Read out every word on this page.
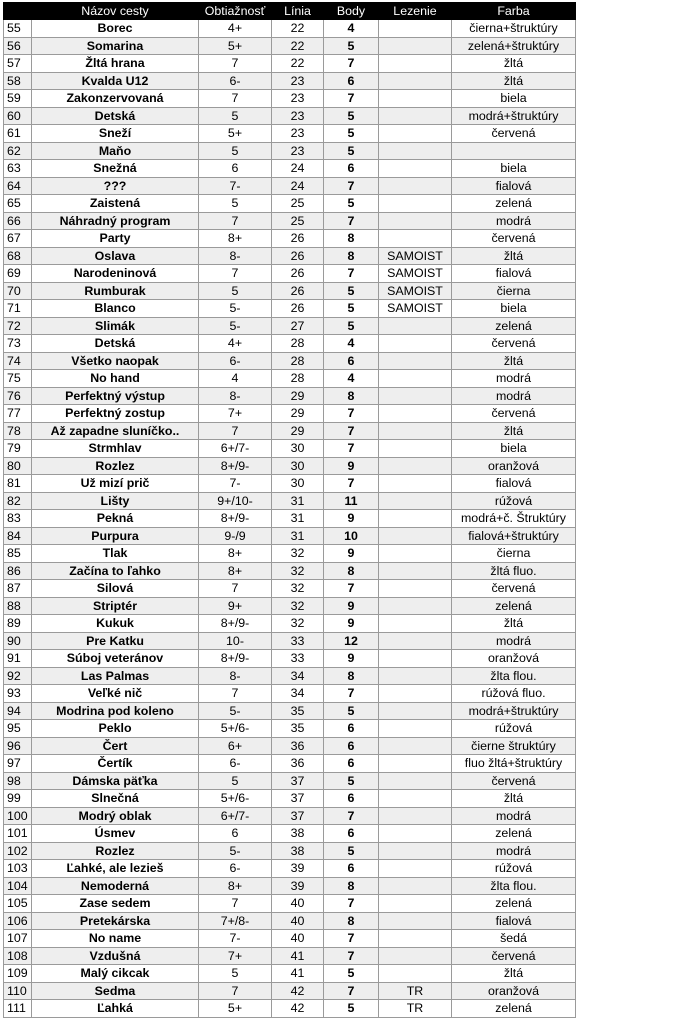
	Názov cesty	Obtiažnosť	Línia	Body	Lezenie	Farba	
55	Borec	4+	22	4		čierna+štruktúry	
56	Somarina	5+	22	5		zelená+štruktúry	
57	Žltá hrana	7	22	7		žltá	
58	Kvalda U12	6-	23	6		žltá	
59	Zakonzervovaná	7	23	7		biela	
60	Detská	5	23	5		modrá+štruktúry	
61	Sneží	5+	23	5		červená	
62	Maňo	5	23	5			
63	Snežná	6	24	6		biela	
64	???	7-	24	7		fialová	
65	Zaistená	5	25	5		zelená	
66	Náhradný program	7	25	7		modrá	
67	Party	8+	26	8		červená	
68	Oslava	8-	26	8	SAMOIST	žltá	
69	Narodeninová	7	26	7	SAMOIST	fialová	
70	Rumburak	5	26	5	SAMOIST	čierna	
71	Blanco	5-	26	5	SAMOIST	biela	
72	Slimák	5-	27	5		zelená	
73	Detská	4+	28	4		červená	
74	Všetko naopak	6-	28	6		žltá	
75	No hand	4	28	4		modrá	
76	Perfektný výstup	8-	29	8		modrá	
77	Perfektný zostup	7+	29	7		červená	
78	Až zapadne sluníčko..	7	29	7		žltá	
79	Strmhlav	6+/7-	30	7		biela	
80	Rozlez	8+/9-	30	9		oranžová	
81	Už mizí prič	7-	30	7		fialová	
82	Lišty	9+/10-	31	11		rúžová	
83	Pekná	8+/9-	31	9		modrá+č. Štruktúry	
84	Purpura	9-/9	31	10		fialová+štruktúry	
85	Tlak	8+	32	9		čierna	
86	Začína to ľahko	8+	32	8		žltá fluo.	
87	Silová	7	32	7		červená	
88	Striptér	9+	32	9		zelená	
89	Kukuk	8+/9-	32	9		žltá	
90	Pre Katku	10-	33	12		modrá	
91	Súboj veteránov	8+/9-	33	9		oranžová	
92	Las Palmas	8-	34	8		žlta flou.	
93	Veľké nič	7	34	7		rúžová fluo.	
94	Modrina pod koleno	5-	35	5		modrá+štruktúry	
95	Peklo	5+/6-	35	6		rúžová	
96	Čert	6+	36	6		čierne štruktúry	
97	Čertík	6-	36	6		fluo žltá+štruktúry	
98	Dámska päťka	5	37	5		červená	
99	Slnečná	5+/6-	37	6		žltá	
100	Modrý oblak	6+/7-	37	7		modrá	
101	Úsmev	6	38	6		zelená	
102	Rozlez	5-	38	5		modrá	
103	Ľahké, ale lezieš	6-	39	6		rúžová	
104	Nemoderná	8+	39	8		žlta flou.	
105	Zase sedem	7	40	7		zelená	
106	Pretekárska	7+/8-	40	8		fialová	
107	No name	7-	40	7		šedá	
108	Vzdušná	7+	41	7		červená	
109	Malý cikcak	5	41	5		žltá	
110	Sedma	7	42	7	TR	oranžová	
111	Ľahká	5+	42	5	TR	zelená	
